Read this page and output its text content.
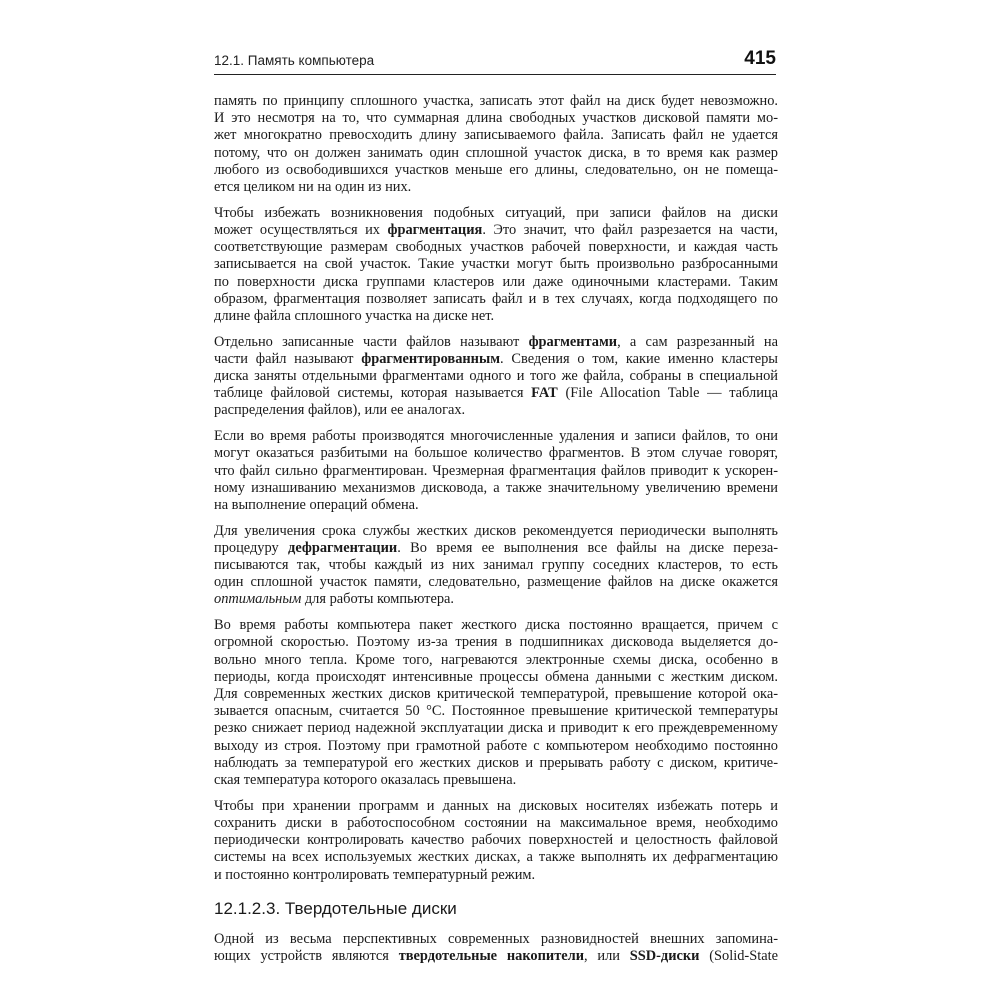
12.1. Память компьютера	415

память по принципу сплошного участка, записать этот файл на диск будет невозможно.
И это несмотря на то, что суммарная длина свободных участков дисковой памяти мо-
жет многократно превосходить длину записываемого файла. Записать файл не удается
потому, что он должен занимать один сплошной участок диска, в то время как размер
любого из освободившихся участков меньше его длины, следовательно, он не помеща-
ется целиком ни на один из них.

Чтобы избежать возникновения подобных ситуаций, при записи файлов на диски
может осуществляться их фрагментация. Это значит, что файл разрезается на части,
соответствующие размерам свободных участков рабочей поверхности, и каждая часть
записывается на свой участок. Такие участки могут быть произвольно разбросанными
по поверхности диска группами кластеров или даже одиночными кластерами. Таким
образом, фрагментация позволяет записать файл и в тех случаях, когда подходящего по
длине файла сплошного участка на диске нет.

Отдельно записанные части файлов называют фрагментами, а сам разрезанный на
части файл называют фрагментированным. Сведения о том, какие именно кластеры
диска заняты отдельными фрагментами одного и того же файла, собраны в специальной
таблице файловой системы, которая называется FAT (File Allocation Table — таблица
распределения файлов), или ее аналогах.

Если во время работы производятся многочисленные удаления и записи файлов, то они
могут оказаться разбитыми на большое количество фрагментов. В этом случае говорят,
что файл сильно фрагментирован. Чрезмерная фрагментация файлов приводит к ускорен-
ному изнашиванию механизмов дисковода, а также значительному увеличению времени
на выполнение операций обмена.

Для увеличения срока службы жестких дисков рекомендуется периодически выполнять
процедуру дефрагментации. Во время ее выполнения все файлы на диске переза-
писываются так, чтобы каждый из них занимал группу соседних кластеров, то есть
один сплошной участок памяти, следовательно, размещение файлов на диске окажется
оптимальным для работы компьютера.

Во время работы компьютера пакет жесткого диска постоянно вращается, причем с
огромной скоростью. Поэтому из-за трения в подшипниках дисковода выделяется до-
вольно много тепла. Кроме того, нагреваются электронные схемы диска, особенно в
периоды, когда происходят интенсивные процессы обмена данными с жестким диском.
Для современных жестких дисков критической температурой, превышение которой ока-
зывается опасным, считается 50 °C. Постоянное превышение критической температуры
резко снижает период надежной эксплуатации диска и приводит к его преждевременному
выходу из строя. Поэтому при грамотной работе с компьютером необходимо постоянно
наблюдать за температурой его жестких дисков и прерывать работу с диском, критиче-
ская температура которого оказалась превышена.

Чтобы при хранении программ и данных на дисковых носителях избежать потерь и
сохранить диски в работоспособном состоянии на максимальное время, необходимо
периодически контролировать качество рабочих поверхностей и целостность файловой
системы на всех используемых жестких дисках, а также выполнять их дефрагментацию
и постоянно контролировать температурный режим.

12.1.2.3. Твердотельные диски

Одной из весьма перспективных современных разновидностей внешних запомина-
ющих устройств являются твердотельные накопители, или SSD-диски (Solid-State
